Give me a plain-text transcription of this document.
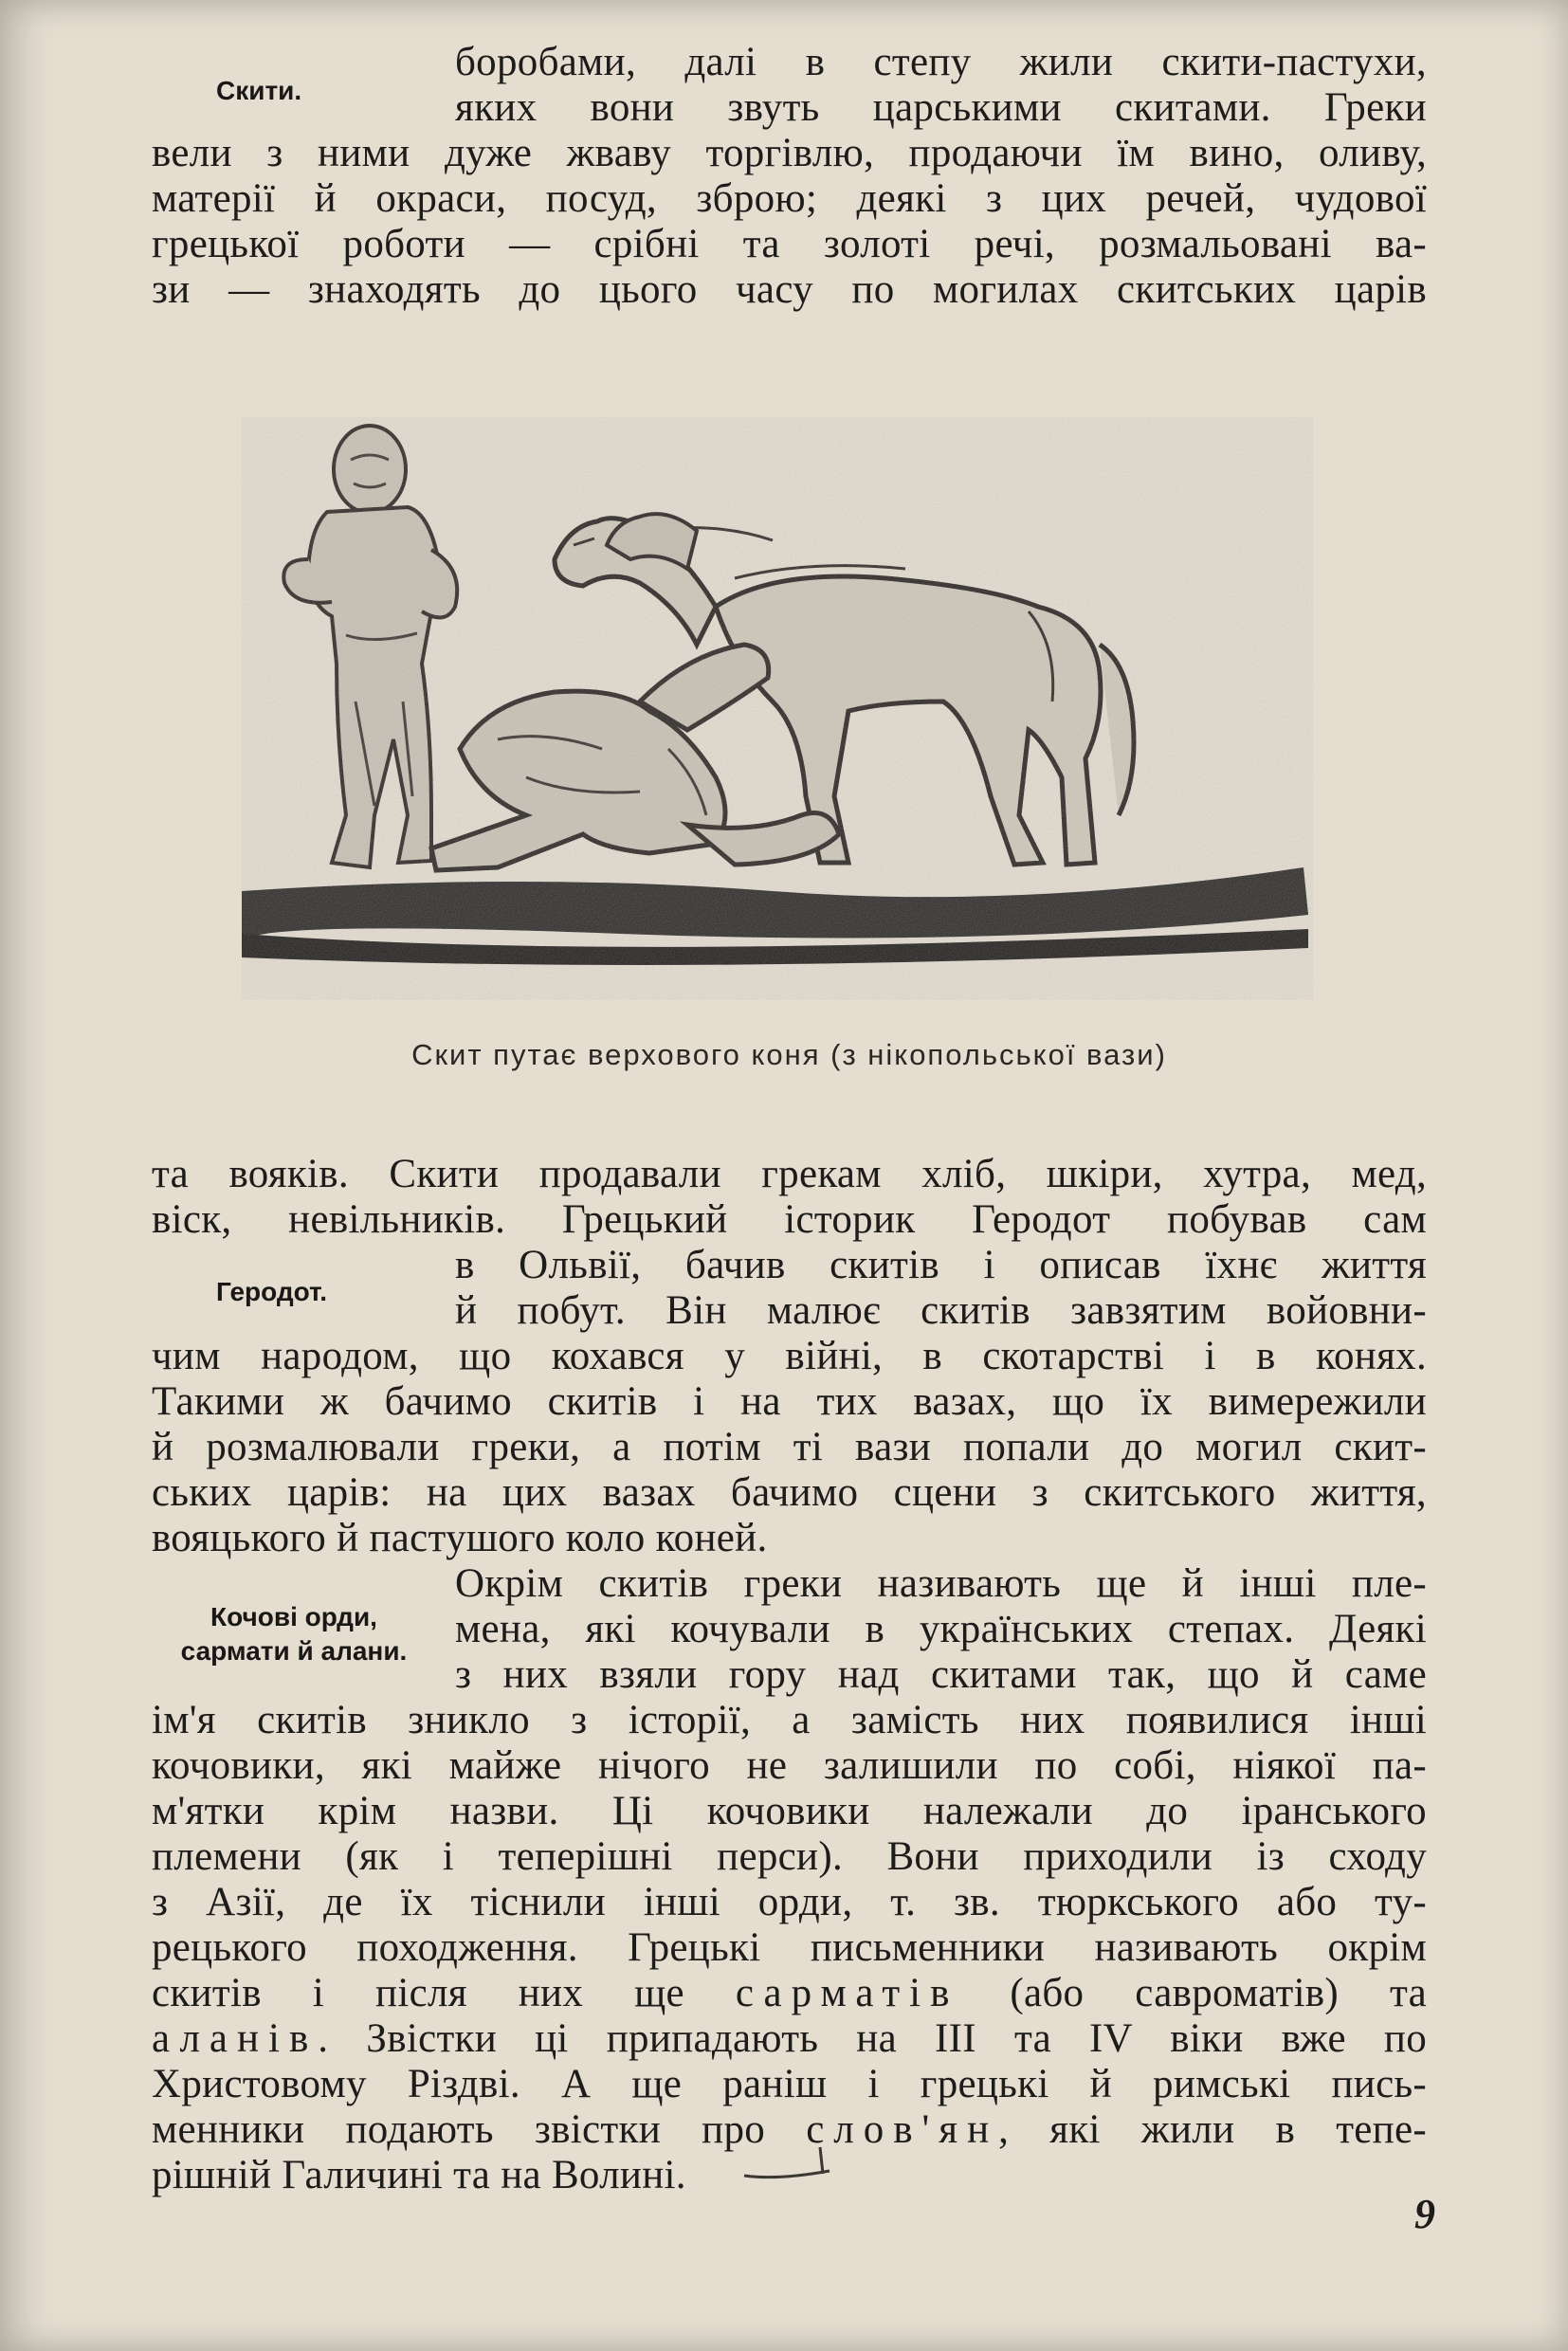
Скити.
боробами, далі в степу жили скити-пастухи,
яких вони звуть царськими скитами. Греки
вели з ними дуже жваву торгівлю, продаючи їм вино, оливу,
матерії й окраси, посуд, зброю; деякі з цих речей, чудової
грецької роботи — срібні та золоті речі, розмальовані ва-
зи — знаходять до цього часу по могилах скитських царів
Скит путає верхового коня (з нікопольської вази)
та вояків. Скити продавали грекам хліб, шкіри, хутра, мед,
віск, невільників. Грецький історик Геродот побував сам
в Ольвії, бачив скитів і описав їхнє життя
й побут. Він малює скитів завзятим войовни-
чим народом, що кохався у війні, в скотарстві і в конях.
Такими ж бачимо скитів і на тих вазах, що їх вимережили
й розмалювали греки, а потім ті вази попали до могил скит-
ських царів: на цих вазах бачимо сцени з скитського життя,
вояцького й пастушого коло коней.
Геродот.
Кочові орди,
сармати й алани.
Окрім скитів греки називають ще й інші пле-
мена, які кочували в українських степах. Деякі
з них взяли гору над скитами так, що й саме
ім'я скитів зникло з історії, а замість них появилися інші
кочовики, які майже нічого не залишили по собі, ніякої па-
м'ятки крім назви. Ці кочовики належали до іранського
племени (як і теперішні перси). Вони приходили із сходу
з Азії, де їх тіснили інші орди, т. зв. тюркського або ту-
рецького походження. Грецькі письменники називають окрім
скитів і після них ще сарматів (або савроматів) та
аланів. Звістки ці припадають на III та IV віки вже по
Христовому Різдві. А ще раніш і грецькі й римські пись-
менники подають звістки про слов'ян, які жили в тепе-
рішній Галичині та на Волині.
9
